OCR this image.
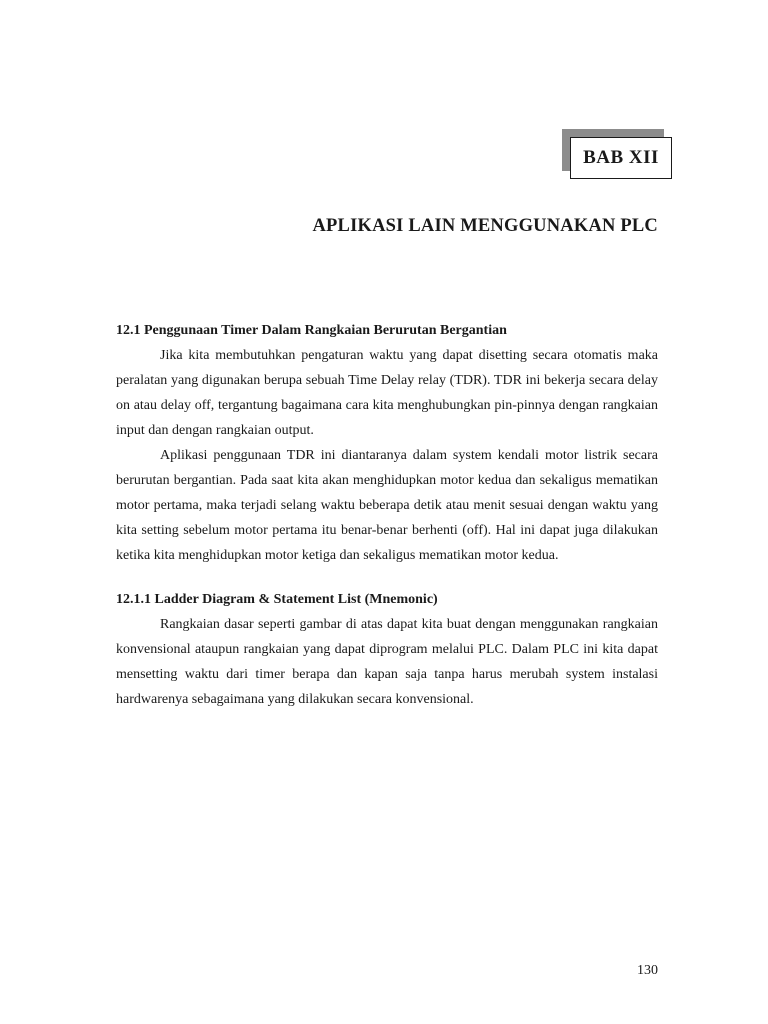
BAB XII
APLIKASI LAIN MENGGUNAKAN PLC

12.1 Penggunaan Timer Dalam Rangkaian Berurutan Bergantian

Jika kita membutuhkan pengaturan waktu yang dapat disetting secara otomatis maka peralatan yang digunakan berupa sebuah Time Delay relay (TDR). TDR ini bekerja secara delay on atau delay off, tergantung bagaimana cara kita menghubungkan pin-pinnya dengan rangkaian input dan dengan rangkaian output.

Aplikasi penggunaan TDR ini diantaranya dalam system kendali motor listrik secara berurutan bergantian. Pada saat kita akan menghidupkan motor kedua dan sekaligus mematikan motor pertama, maka terjadi selang waktu beberapa detik atau menit sesuai dengan waktu yang kita setting sebelum motor pertama itu benar-benar berhenti (off). Hal ini dapat juga dilakukan ketika kita menghidupkan motor ketiga dan sekaligus mematikan motor kedua.

12.1.1 Ladder Diagram & Statement List (Mnemonic)

Rangkaian dasar seperti gambar di atas dapat kita buat dengan menggunakan rangkaian konvensional ataupun rangkaian yang dapat diprogram melalui PLC. Dalam PLC ini kita dapat mensetting waktu dari timer berapa dan kapan saja tanpa harus merubah system instalasi hardwarenya sebagaimana yang dilakukan secara konvensional.

130
